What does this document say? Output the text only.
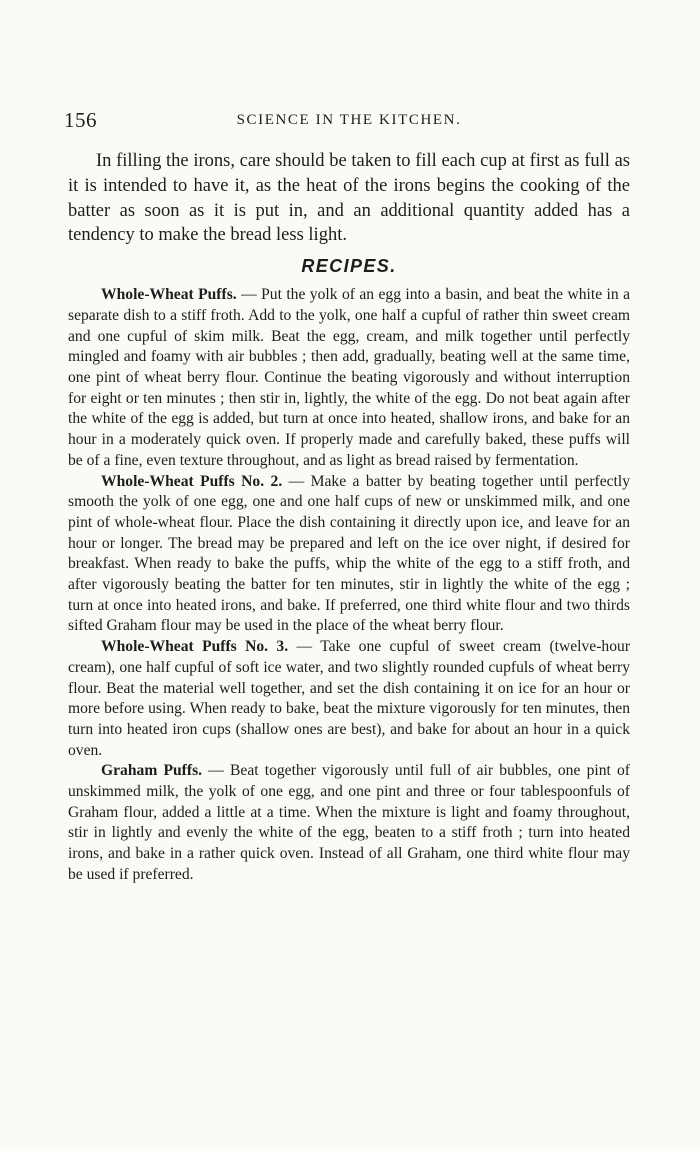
156	SCIENCE IN THE KITCHEN.

In filling the irons, care should be taken to fill each cup at first as full as it is intended to have it, as the heat of the irons begins the cooking of the batter as soon as it is put in, and an additional quantity added has a tendency to make the bread less light.

RECIPES.

Whole-Wheat Puffs. — Put the yolk of an egg into a basin, and beat the white in a separate dish to a stiff froth. Add to the yolk, one half a cupful of rather thin sweet cream and one cupful of skim milk. Beat the egg, cream, and milk together until perfectly mingled and foamy with air bubbles ; then add, gradually, beating well at the same time, one pint of wheat berry flour. Continue the beating vigorously and without interruption for eight or ten minutes ; then stir in, lightly, the white of the egg. Do not beat again after the white of the egg is added, but turn at once into heated, shallow irons, and bake for an hour in a moderately quick oven. If properly made and carefully baked, these puffs will be of a fine, even texture throughout, and as light as bread raised by fermentation.

Whole-Wheat Puffs No. 2. — Make a batter by beating together until perfectly smooth the yolk of one egg, one and one half cups of new or unskimmed milk, and one pint of whole-wheat flour. Place the dish containing it directly upon ice, and leave for an hour or longer. The bread may be prepared and left on the ice over night, if desired for breakfast. When ready to bake the puffs, whip the white of the egg to a stiff froth, and after vigorously beating the batter for ten minutes, stir in lightly the white of the egg ; turn at once into heated irons, and bake. If preferred, one third white flour and two thirds sifted Graham flour may be used in the place of the wheat berry flour.

Whole-Wheat Puffs No. 3. — Take one cupful of sweet cream (twelve-hour cream), one half cupful of soft ice water, and two slightly rounded cupfuls of wheat berry flour. Beat the material well together, and set the dish containing it on ice for an hour or more before using. When ready to bake, beat the mixture vigorously for ten minutes, then turn into heated iron cups (shallow ones are best), and bake for about an hour in a quick oven.

Graham Puffs. — Beat together vigorously until full of air bubbles, one pint of unskimmed milk, the yolk of one egg, and one pint and three or four tablespoonfuls of Graham flour, added a little at a time. When the mixture is light and foamy throughout, stir in lightly and evenly the white of the egg, beaten to a stiff froth ; turn into heated irons, and bake in a rather quick oven. Instead of all Graham, one third white flour may be used if preferred.
